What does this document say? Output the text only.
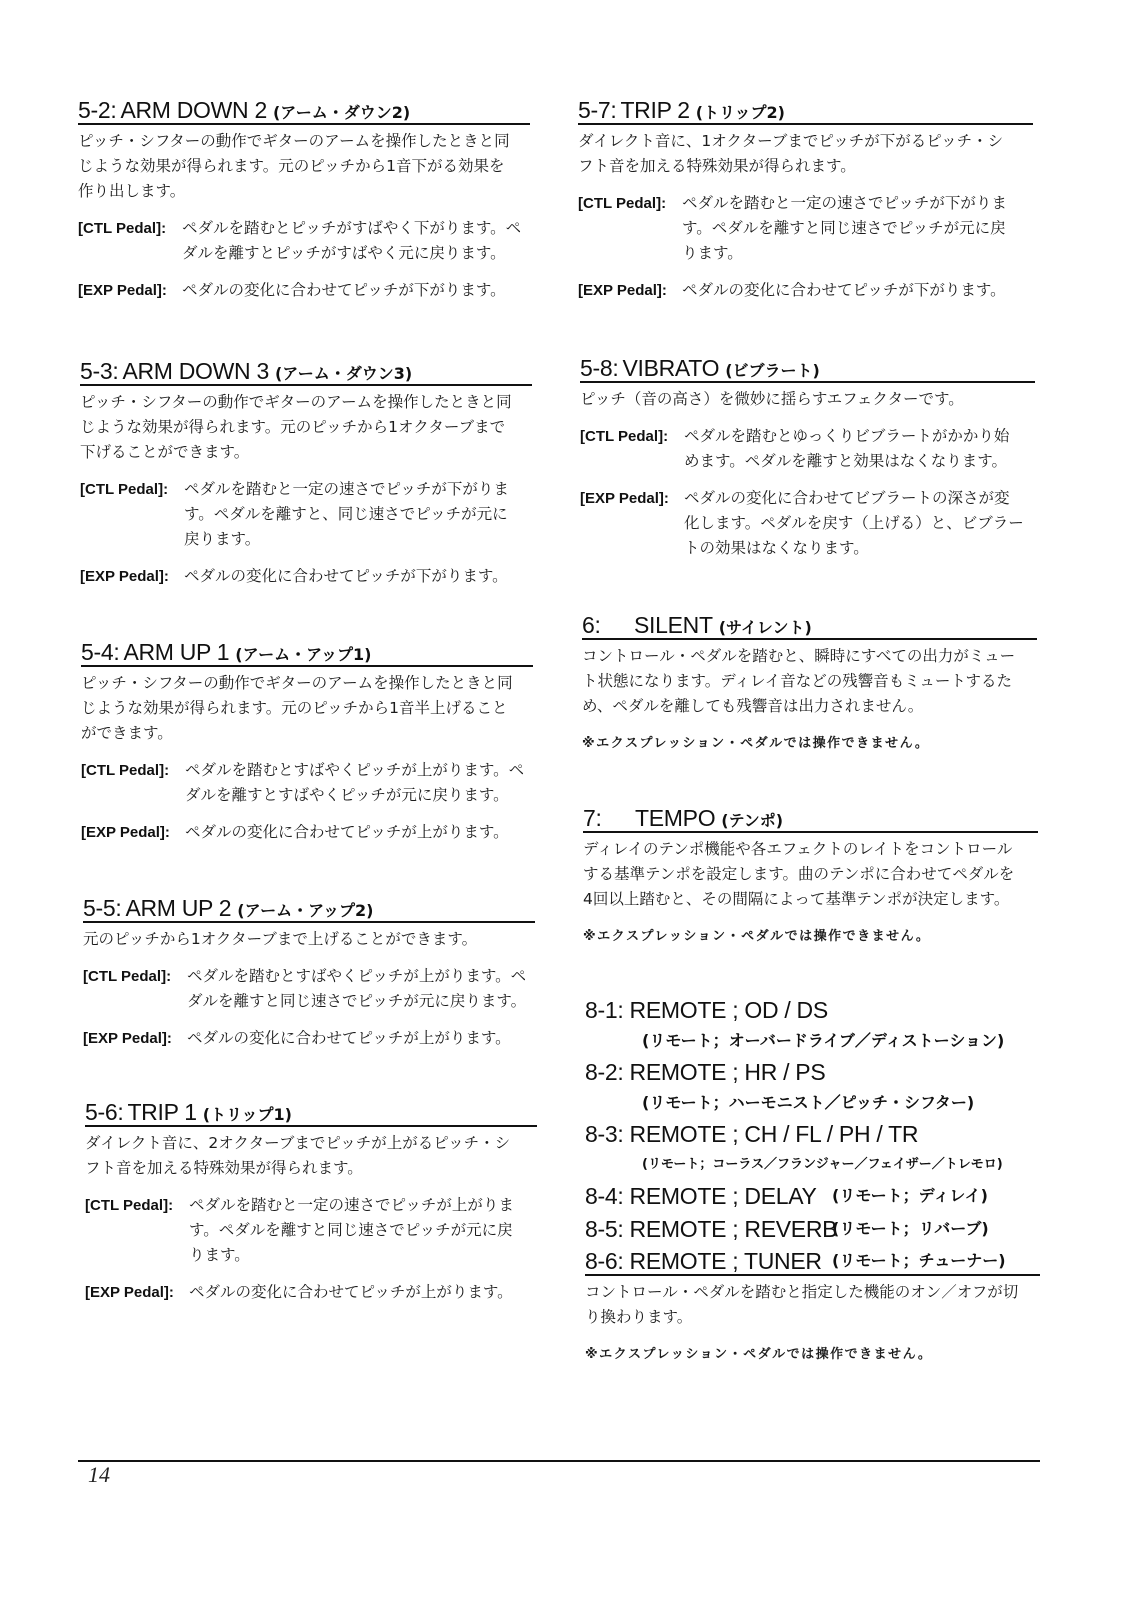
5-2: ARM DOWN 2 (アーム・ダウン2)
ピッチ・シフターの動作でギターのアームを操作したときと同
じような効果が得られます。元のピッチから1音下がる効果を
作り出します。
[CTL Pedal]:	ペダルを踏むとピッチがすばやく下がります。ペ
ダルを離すとピッチがすばやく元に戻ります。
[EXP Pedal]: ペダルの変化に合わせてピッチが下がります。
5-3: ARM DOWN 3 (アーム・ダウン3)
ピッチ・シフターの動作でギターのアームを操作したときと同
じような効果が得られます。元のピッチから1オクターブまで
下げることができます。
[CTL Pedal]:	ペダルを踏むと一定の速さでピッチが下がりま
す。ペダルを離すと、同じ速さでピッチが元に
戻ります。
[EXP Pedal]: ペダルの変化に合わせてピッチが下がります。
5-4: ARM UP 1 (アーム・アップ1)
ピッチ・シフターの動作でギターのアームを操作したときと同
じような効果が得られます。元のピッチから1音半上げること
ができます。
[CTL Pedal]:	ペダルを踏むとすばやくピッチが上がります。ペ
ダルを離すとすばやくピッチが元に戻ります。
[EXP Pedal]: ペダルの変化に合わせてピッチが上がります。
5-5: ARM UP 2 (アーム・アップ2)
元のピッチから1オクターブまで上げることができます。
[CTL Pedal]:	ペダルを踏むとすばやくピッチが上がります。ペ
ダルを離すと同じ速さでピッチが元に戻ります。
[EXP Pedal]: ペダルの変化に合わせてピッチが上がります。
5-6: TRIP 1 (トリップ1)
ダイレクト音に、2オクターブまでピッチが上がるピッチ・シ
フト音を加える特殊効果が得られます。
[CTL Pedal]:	ペダルを踏むと一定の速さでピッチが上がりま
す。ペダルを離すと同じ速さでピッチが元に戻
ります。
[EXP Pedal]: ペダルの変化に合わせてピッチが上がります。
5-7: TRIP 2 (トリップ2)
ダイレクト音に、1オクターブまでピッチが下がるピッチ・シ
フト音を加える特殊効果が得られます。
[CTL Pedal]:	ペダルを踏むと一定の速さでピッチが下がりま
す。ペダルを離すと同じ速さでピッチが元に戻
ります。
[EXP Pedal]: ペダルの変化に合わせてピッチが下がります。
5-8: VIBRATO (ビブラート)
ピッチ（音の高さ）を微妙に揺らすエフェクターです。
[CTL Pedal]:	ペダルを踏むとゆっくりビブラートがかかり始
めます。ペダルを離すと効果はなくなります。
[EXP Pedal]: ペダルの変化に合わせてビブラートの深さが変
化します。ペダルを戻す（上げる）と、ビブラー
トの効果はなくなります。
6: SILENT (サイレント)
コントロール・ペダルを踏むと、瞬時にすべての出力がミュー
ト状態になります。ディレイ音などの残響音もミュートするた
め、ペダルを離しても残響音は出力されません。
※エクスプレッション・ペダルでは操作できません。
7: TEMPO (テンポ)
ディレイのテンポ機能や各エフェクトのレイトをコントロール
する基準テンポを設定します。曲のテンポに合わせてペダルを
4回以上踏むと、その間隔によって基準テンポが決定します。
※エクスプレッション・ペダルでは操作できません。
8-1: REMOTE ; OD / DS
(リモート；オーバードライブ／ディストーション)
8-2: REMOTE ; HR / PS
(リモート；ハーモニスト／ピッチ・シフター)
8-3: REMOTE ; CH / FL / PH / TR
(リモート；コーラス／フランジャー／フェイザー／トレモロ)
8-4: REMOTE ; DELAY (リモート；ディレイ)
8-5: REMOTE ; REVERB
(リモート；リバーブ)
8-6: REMOTE ; TUNER (リモート；チューナー)
コントロール・ペダルを踏むと指定した機能のオン／オフが切
り換わります。
※エクスプレッション・ペダルでは操作できません。
14
